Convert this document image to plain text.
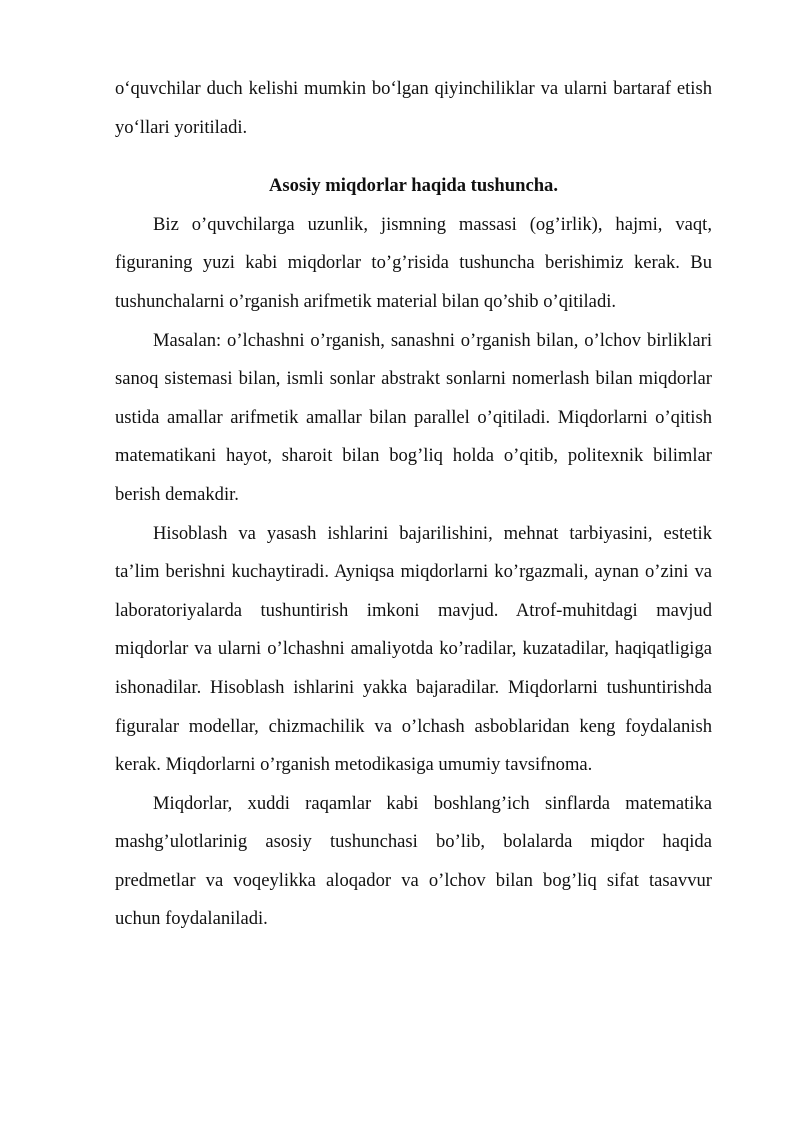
o‘quvchilar duch kelishi mumkin bo‘lgan qiyinchiliklar va ularni bartaraf etish yo‘llari yoritiladi.

Asosiy miqdorlar haqida tushuncha.

Biz o’quvchilarga uzunlik, jismning massasi (og’irlik), hajmi, vaqt, figuraning yuzi kabi miqdorlar to’g’risida tushuncha berishimiz kerak. Bu tushunchalarni o’rganish arifmetik material bilan qo’shib o’qitiladi.

Masalan: o’lchashni o’rganish, sanashni o’rganish bilan, o’lchov birliklari sanoq sistemasi bilan, ismli sonlar abstrakt sonlarni nomerlash bilan miqdorlar ustida amallar arifmetik amallar bilan parallel o’qitiladi. Miqdorlarni o’qitish matematikani hayot, sharoit bilan bog’liq holda o’qitib, politexnik bilimlar berish demakdir.

Hisoblash va yasash ishlarini bajarilishini, mehnat tarbiyasini, estetik ta’lim berishni kuchaytiradi. Ayniqsa miqdorlarni ko’rgazmali, aynan o’zini va laboratoriyalarda tushuntirish imkoni mavjud. Atrof-muhitdagi mavjud miqdorlar va ularni o’lchashni amaliyotda ko’radilar, kuzatadilar, haqiqatligiga ishonadilar. Hisoblash ishlarini yakka bajaradilar. Miqdorlarni tushuntirishda figuralar modellar, chizmachilik va o’lchash asboblaridan keng foydalanish kerak. Miqdorlarni o’rganish metodikasiga umumiy tavsifnoma.

Miqdorlar, xuddi raqamlar kabi boshlang’ich sinflarda matematika mashg’ulotlarinig asosiy tushunchasi bo’lib, bolalarda miqdor haqida predmetlar va voqeylikka aloqador va o’lchov bilan bog’liq sifat tasavvur uchun foydalaniladi.
